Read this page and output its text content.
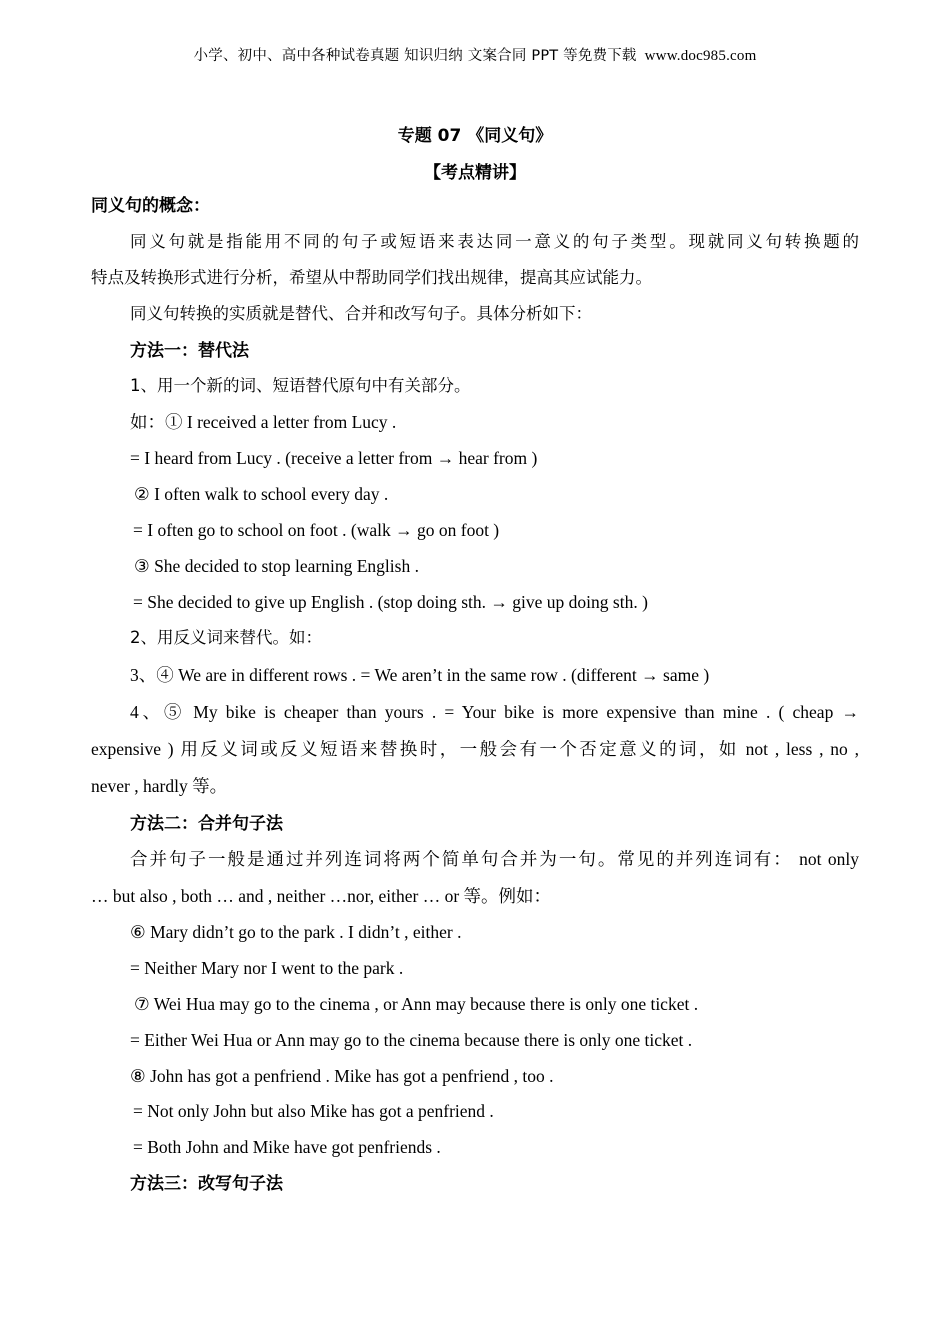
小学、初中、高中各种试卷真题 知识归纳 文案合同 PPT 等免费下载 www.doc985.com
专题 07 《同义句》
【考点精讲】
同义句的概念：
同义句就是指能用不同的句子或短语来表达同一意义的句子类型。现就同义句转换题的
特点及转换形式进行分析，希望从中帮助同学们找出规律，提高其应试能力。
同义句转换的实质就是替代、合并和改写句子。具体分析如下：
方法一：替代法
1、用一个新的词、短语替代原句中有关部分。
如：① I received a letter from Lucy .
= I heard from Lucy . (receive a letter from → hear from )
② I often walk to school every day .
= I often go to school on foot . (walk → go on foot )
③ She decided to stop learning English .
= She decided to give up English . (stop doing sth. → give up doing sth. )
2、用反义词来替代。如：
3、④ We are in different rows . = We aren’t in the same row . (different → same )
4、⑤ My bike is cheaper than yours . = Your bike is more expensive than mine . ( cheap →
expensive ) 用反义词或反义短语来替换时，一般会有一个否定意义的词，如 not , less , no ,
never , hardly 等。
方法二：合并句子法
合并句子一般是通过并列连词将两个简单句合并为一句。常见的并列连词有： not only
… but also , both … and , neither …nor, either … or 等。例如：
⑥ Mary didn’t go to the park . I didn’t , either .
= Neither Mary nor I went to the park .
⑦ Wei Hua may go to the cinema , or Ann may because there is only one ticket .
= Either Wei Hua or Ann may go to the cinema because there is only one ticket .
⑧ John has got a penfriend . Mike has got a penfriend , too .
= Not only John but also Mike has got a penfriend .
= Both John and Mike have got penfriends .
方法三：改写句子法
